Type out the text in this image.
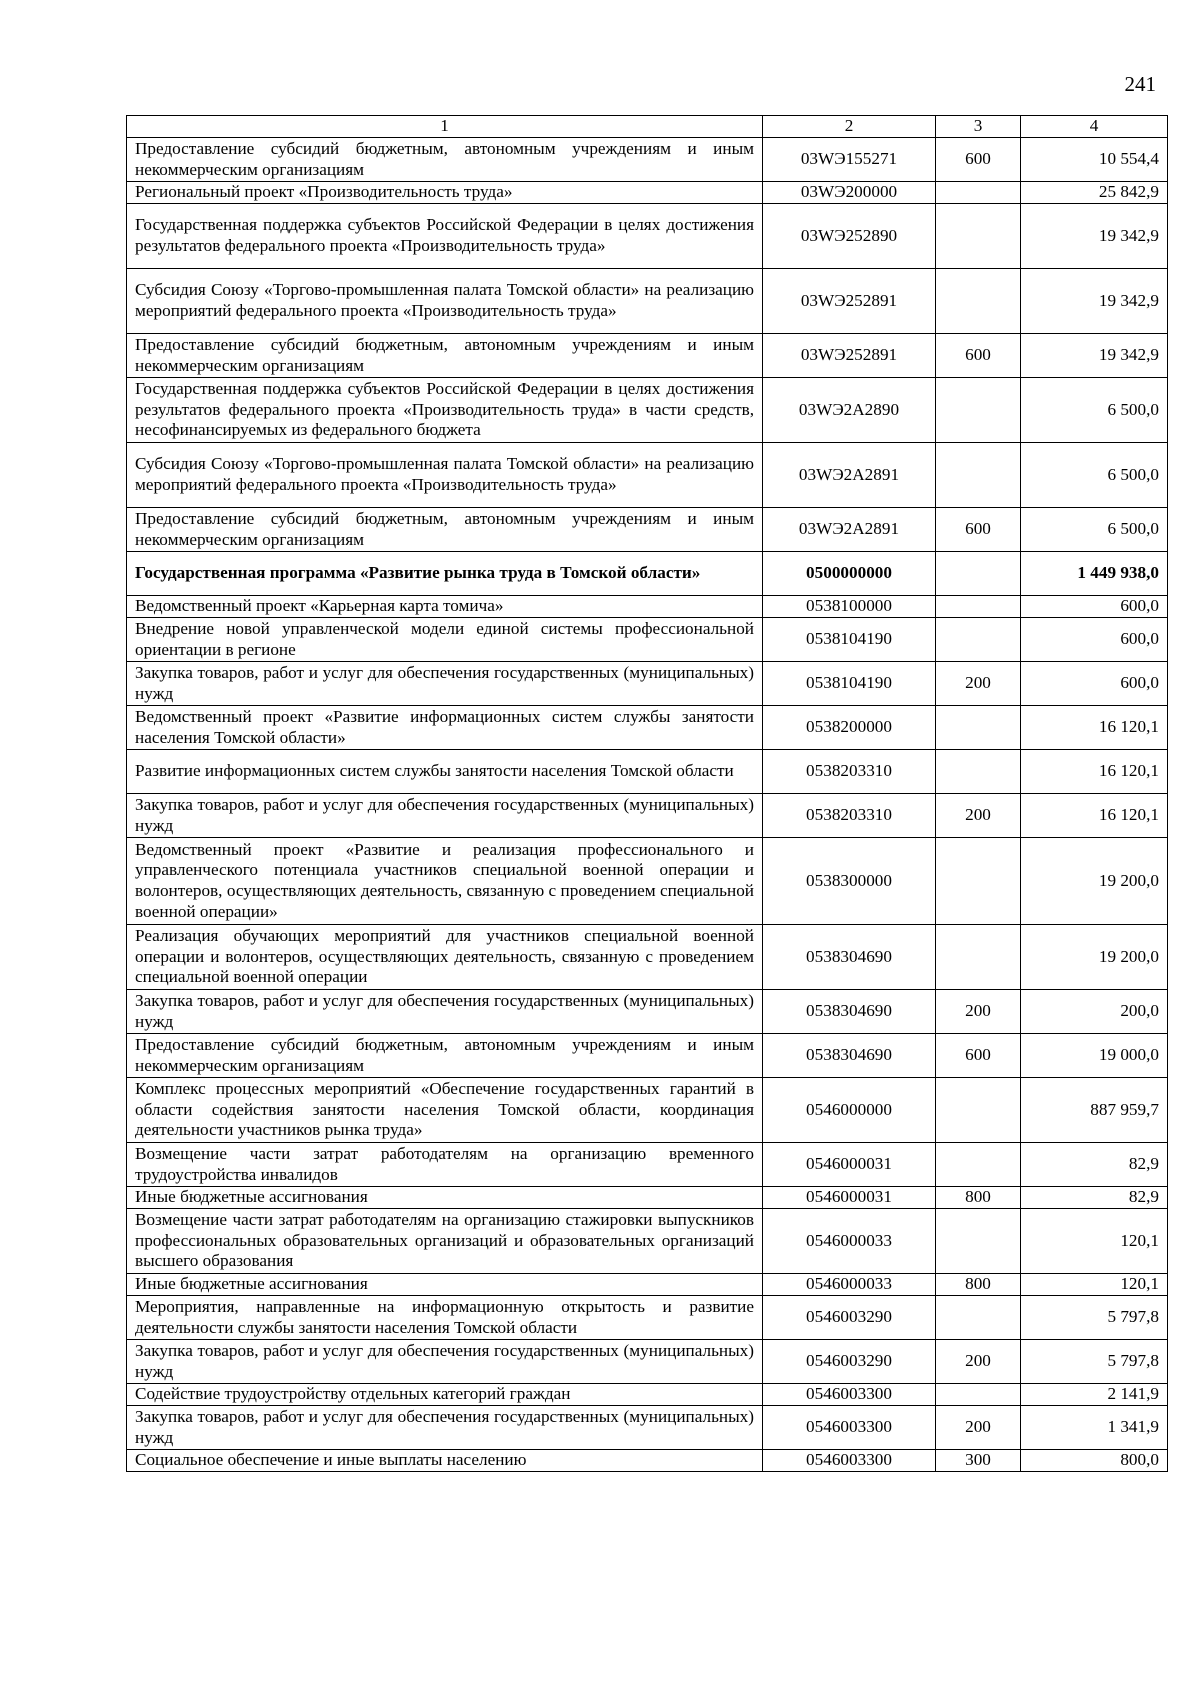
241
1	2	3	4
Предоставление субсидий бюджетным, автономным учреждениям и иным некоммерческим организациям	03WЭ155271	600	10 554,4
Региональный проект «Производительность труда»	03WЭ200000		25 842,9
Государственная поддержка субъектов Российской Федерации в целях достижения результатов федерального проекта «Производительность труда»	03WЭ252890		19 342,9
Субсидия Союзу «Торгово-промышленная палата Томской области» на реализацию мероприятий федерального проекта «Производительность труда»	03WЭ252891		19 342,9
Предоставление субсидий бюджетным, автономным учреждениям и иным некоммерческим организациям	03WЭ252891	600	19 342,9
Государственная поддержка субъектов Российской Федерации в целях достижения результатов федерального проекта «Производительность труда» в части средств, несофинансируемых из федерального бюджета	03WЭ2A2890		6 500,0
Субсидия Союзу «Торгово-промышленная палата Томской области» на реализацию мероприятий федерального проекта «Производительность труда»	03WЭ2A2891		6 500,0
Предоставление субсидий бюджетным, автономным учреждениям и иным некоммерческим организациям	03WЭ2A2891	600	6 500,0
Государственная программа «Развитие рынка труда в Томской области»	0500000000		1 449 938,0
Ведомственный проект «Карьерная карта томича»	0538100000		600,0
Внедрение новой управленческой модели единой системы профессиональной ориентации в регионе	0538104190		600,0
Закупка товаров, работ и услуг для обеспечения государственных (муниципальных) нужд	0538104190	200	600,0
Ведомственный проект «Развитие информационных систем службы занятости населения Томской области»	0538200000		16 120,1
Развитие информационных систем службы занятости населения Томской области	0538203310		16 120,1
Закупка товаров, работ и услуг для обеспечения государственных (муниципальных) нужд	0538203310	200	16 120,1
Ведомственный проект «Развитие и реализация профессионального и управленческого потенциала участников специальной военной операции и волонтеров, осуществляющих деятельность, связанную с проведением специальной военной операции»	0538300000		19 200,0
Реализация обучающих мероприятий для участников специальной военной операции и волонтеров, осуществляющих деятельность, связанную с проведением специальной военной операции	0538304690		19 200,0
Закупка товаров, работ и услуг для обеспечения государственных (муниципальных) нужд	0538304690	200	200,0
Предоставление субсидий бюджетным, автономным учреждениям и иным некоммерческим организациям	0538304690	600	19 000,0
Комплекс процессных мероприятий «Обеспечение государственных гарантий в области содействия занятости населения Томской области, координация деятельности участников рынка труда»	0546000000		887 959,7
Возмещение части затрат работодателям на организацию временного трудоустройства инвалидов	0546000031		82,9
Иные бюджетные ассигнования	0546000031	800	82,9
Возмещение части затрат работодателям на организацию стажировки выпускников профессиональных образовательных организаций и образовательных организаций высшего образования	0546000033		120,1
Иные бюджетные ассигнования	0546000033	800	120,1
Мероприятия, направленные на информационную открытость и развитие деятельности службы занятости населения Томской области	0546003290		5 797,8
Закупка товаров, работ и услуг для обеспечения государственных (муниципальных) нужд	0546003290	200	5 797,8
Содействие трудоустройству отдельных категорий граждан	0546003300		2 141,9
Закупка товаров, работ и услуг для обеспечения государственных (муниципальных) нужд	0546003300	200	1 341,9
Социальное обеспечение и иные выплаты населению	0546003300	300	800,0
